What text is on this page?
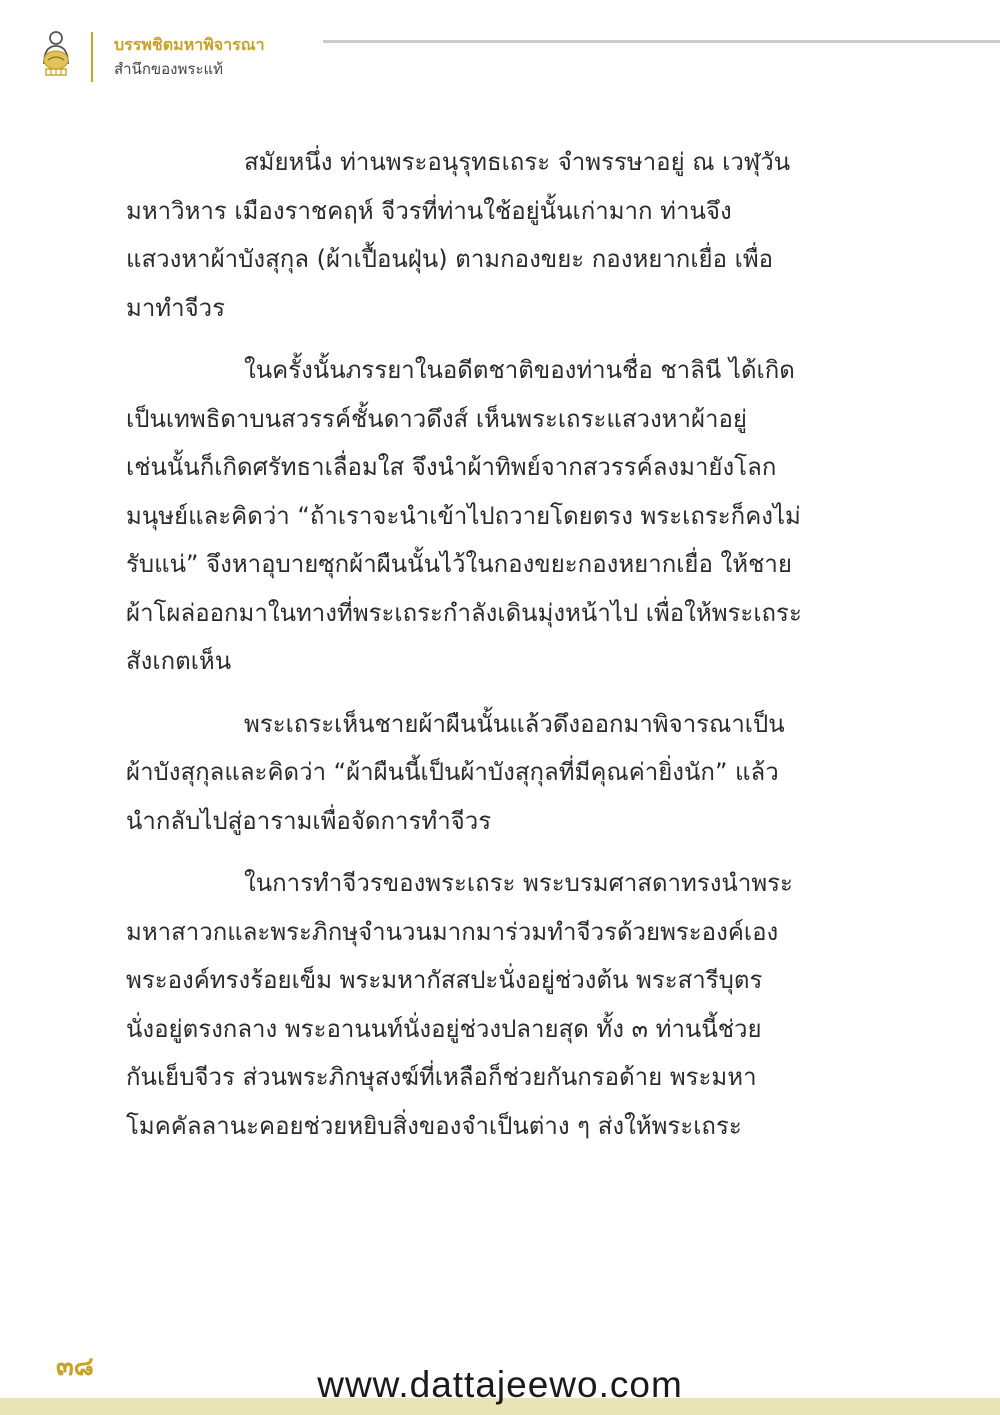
บรรพชิตมหาพิจารณา
สำนึกของพระแท้
สมัยหนึ่ง ท่านพระอนุรุทธเถระ จำพรรษาอยู่ ณ เวฬุวัน
มหาวิหาร เมืองราชคฤห์ จีวรที่ท่านใช้อยู่นั้นเก่ามาก ท่านจึง
แสวงหาผ้าบังสุกุล (ผ้าเปื้อนฝุ่น) ตามกองขยะ กองหยากเยื่อ เพื่อ
มาทำจีวร
ในครั้งนั้นภรรยาในอดีตชาติของท่านชื่อ ชาลินี ได้เกิด
เป็นเทพธิดาบนสวรรค์ชั้นดาวดึงส์ เห็นพระเถระแสวงหาผ้าอยู่
เช่นนั้นก็เกิดศรัทธาเลื่อมใส จึงนำผ้าทิพย์จากสวรรค์ลงมายังโลก
มนุษย์และคิดว่า “ถ้าเราจะนำเข้าไปถวายโดยตรง พระเถระก็คงไม่
รับแน่” จึงหาอุบายซุกผ้าผืนนั้นไว้ในกองขยะกองหยากเยื่อ ให้ชาย
ผ้าโผล่ออกมาในทางที่พระเถระกำลังเดินมุ่งหน้าไป เพื่อให้พระเถระ
สังเกตเห็น
พระเถระเห็นชายผ้าผืนนั้นแล้วดึงออกมาพิจารณาเป็น
ผ้าบังสุกุลและคิดว่า “ผ้าผืนนี้เป็นผ้าบังสุกุลที่มีคุณค่ายิ่งนัก” แล้ว
นำกลับไปสู่อารามเพื่อจัดการทำจีวร
ในการทำจีวรของพระเถระ พระบรมศาสดาทรงนำพระ
มหาสาวกและพระภิกษุจำนวนมากมาร่วมทำจีวรด้วยพระองค์เอง
พระองค์ทรงร้อยเข็ม พระมหากัสสปะนั่งอยู่ช่วงต้น พระสารีบุตร
นั่งอยู่ตรงกลาง พระอานนท์นั่งอยู่ช่วงปลายสุด ทั้ง ๓ ท่านนี้ช่วย
กันเย็บจีวร ส่วนพระภิกษุสงฆ์ที่เหลือก็ช่วยกันกรอด้าย พระมหา
โมคคัลลานะคอยช่วยหยิบสิ่งของจำเป็นต่าง ๆ ส่งให้พระเถระ
๓๘	www.dattajeewo.com
